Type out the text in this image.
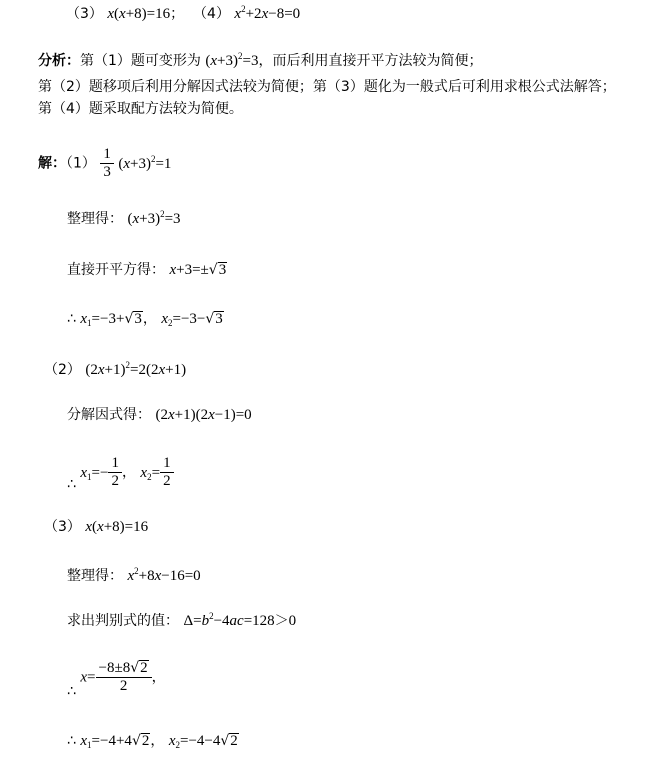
（3） x(x+8)=16； （4） $x^2+2x-8=0$
分析：第（1）题可变形为 $(x+3)^2=3$，而后利用直接开平方法较为简便；
第（2）题移项后利用分解因式法较为简便；第（3）题化为一般式后可利用求根公式法解答；
第（4）题采取配方法较为简便。
解：$(1) \frac{1}{3} (x+3)^2=1$
整理得： $(x+3)^2=3$
直接开平方得： x+3=±√3
∴ $x_1=-3+√3$， $x_2=-3-√3$
（2） $(2x+1)^2=2(2x+1)$
分解因式得： (2x+1)(2x−1)=0
∴ $x_1=- \frac{1}{2}$ ， $x_2= \frac{1}{2}$
（3） x(x+8)=16
整理得： $x^2+8x-16=0$
求出判别式的值： $\Delta=b^2-4ac=128>0$
∴ $x= \frac{-8\pm 8√2}{2}$ ，
∴ $x_1=-4+4√2$， $x_2=-4-4√2$
